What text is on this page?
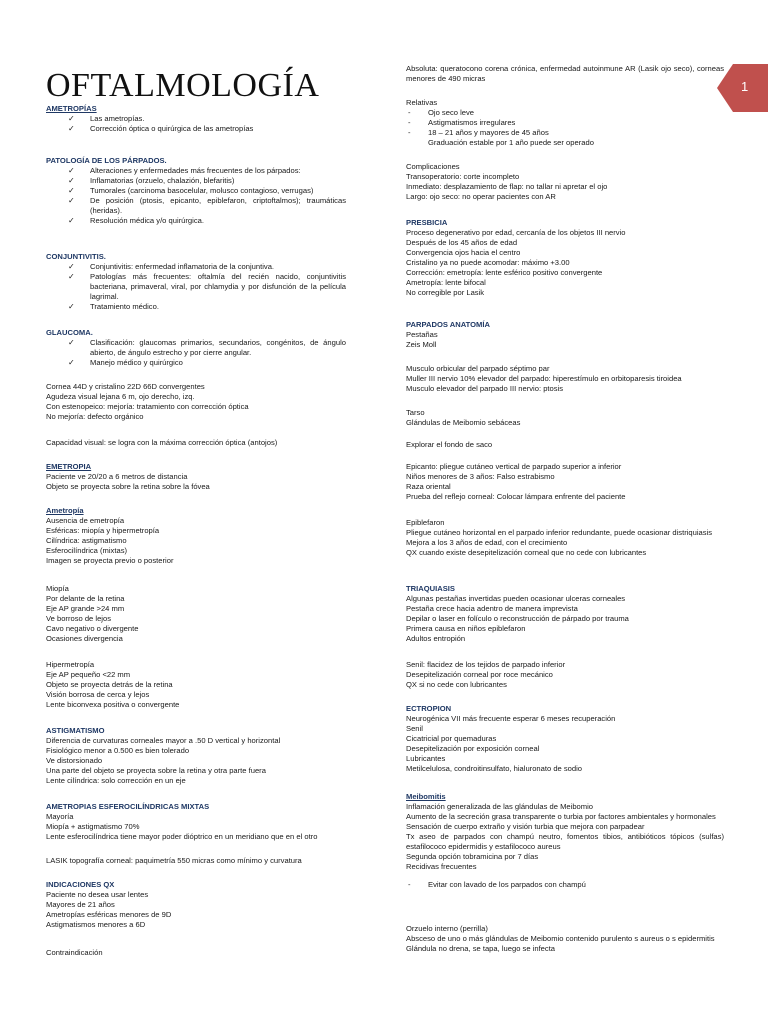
OFTALMOLOGÍA	1
AMETROPÍAS
✓ Las ametropías.
✓ Corrección óptica o quirúrgica de las ametropías
PATOLOGÍA DE LOS PÁRPADOS.
✓ Alteraciones y enfermedades más frecuentes de los párpados:
✓ Inflamatorias (orzuelo, chalazión, blefaritis)
✓ Tumorales (carcinoma basocelular, molusco contagioso, verrugas)
✓ De posición (ptosis, epicanto, epiblefaron, criptoftalmos); traumáticas (heridas).
✓ Resolución médica y/o quirúrgica.
CONJUNTIVITIS.
✓ Conjuntivitis: enfermedad inflamatoria de la conjuntiva.
✓ Patologías más frecuentes: oftalmía del recién nacido, conjuntivitis bacteriana, primaveral, viral, por chlamydia y por disfunción de la película lagrimal.
✓ Tratamiento médico.
GLAUCOMA.
✓ Clasificación: glaucomas primarios, secundarios, congénitos, de ángulo abierto, de ángulo estrecho y por cierre angular.
✓ Manejo médico y quirúrgico
Cornea 44D y cristalino 22D 66D convergentes
Agudeza visual lejana 6 m, ojo derecho, izq.
Con estenopeico: mejoría: tratamiento con corrección óptica
No mejoría: defecto orgánico
Capacidad visual: se logra con la máxima corrección óptica (antojos)
EMETROPIA
Paciente ve 20/20 a 6 metros de distancia
Objeto se proyecta sobre la retina sobre la fóvea
Ametropía
Ausencia de emetropía
Esféricas: miopía y hipermetropía
Cilíndrica: astigmatismo
Esferocilíndrica (mixtas)
Imagen se proyecta previo o posterior
Miopía
Por delante de la retina
Eje AP grande >24 mm
Ve borroso de lejos
Cavo negativo o divergente
Ocasiones divergencia
Hipermetropía
Eje AP pequeño <22 mm
Objeto se proyecta detrás de la retina
Visión borrosa de cerca y lejos
Lente biconvexa positiva o convergente
ASTIGMATISMO
Diferencia de curvaturas corneales mayor a .50 D vertical y horizontal
Fisiológico menor a 0.500 es bien tolerado
Ve distorsionado
Una parte del objeto se proyecta sobre la retina y otra parte fuera
Lente cilíndrica: solo corrección en un eje
AMETROPIAS ESFEROCILÍNDRICAS MIXTAS
Mayoría
Miopía + astigmatismo 70%
Lente esferocilíndrica tiene mayor poder dióptrico en un meridiano que en el otro
LASIK topografía corneal: paquimetría 550 micras como mínimo y curvatura
INDICACIONES QX
Paciente no desea usar lentes
Mayores de 21 años
Ametropías esféricas menores de 9D
Astigmatismos menores a 6D
Contraindicación
Absoluta: queratocono corena crónica, enfermedad autoinmune AR (Lasik ojo seco), corneas menores de 490 micras
Relativas
- Ojo seco leve
- Astigmatismos irregulares
- 18 – 21 años y mayores de 45 años
Graduación estable por 1 año puede ser operado
Complicaciones
Transoperatorio: corte incompleto
Inmediato: desplazamiento de flap: no tallar ni apretar el ojo
Largo: ojo seco: no operar pacientes con AR
PRESBICIA
Proceso degenerativo por edad, cercanía de los objetos III nervio
Después de los 45 años de edad
Convergencia ojos hacia el centro
Cristalino ya no puede acomodar: máximo +3.00
Corrección: emetropía: lente esférico positivo convergente
Ametropía: lente bifocal
No corregible por Lasik
PARPADOS ANATOMÍA
Pestañas
Zeis Moll
Musculo orbicular del parpado séptimo par
Muller III nervio 10% elevador del parpado: hiperestímulo en orbitoparesis tiroidea
Musculo elevador del parpado III nervio: ptosis
Tarso
Glándulas de Meibomio sebáceas
Explorar el fondo de saco
Epicanto: pliegue cutáneo vertical de parpado superior a inferior
Niños menores de 3 años: Falso estrabismo
Raza oriental
Prueba del reflejo corneal: Colocar lámpara enfrente del paciente
Epiblefaron
Pliegue cutáneo horizontal en el parpado inferior redundante, puede ocasionar distriquiasis
Mejora a los 3 años de edad, con el crecimiento
QX cuando existe desepitelización corneal que no cede con lubricantes
TRIAQUIASIS
Algunas pestañas invertidas pueden ocasionar ulceras corneales
Pestaña crece hacia adentro de manera imprevista
Depilar o laser en folículo o reconstrucción de párpado por trauma
Primera causa en niños epiblefaron
Adultos entropión
Senil: flacidez de los tejidos de parpado inferior
Desepitelización corneal por roce mecánico
QX si no cede con lubricantes
ECTROPION
Neurogénica VII más frecuente esperar 6 meses recuperación
Senil
Cicatricial por quemaduras
Desepitelización por exposición corneal
Lubricantes
Metilcelulosa, condroitinsulfato, hialuronato de sodio
Meibomitis
Inflamación generalizada de las glándulas de Meibomio
Aumento de la secreción grasa transparente o turbia por factores ambientales y hormonales
Sensación de cuerpo extraño y visión turbia que mejora con parpadear
Tx aseo de parpados con champú neutro, fomentos tibios, antibióticos tópicos (sulfas) estafilococo epidermidis y estafilococo aureus
Segunda opción tobramicina por 7 días
Recidivas frecuentes
- Evitar con lavado de los parpados con champú
Orzuelo interno (perrilla)
Absceso de uno o más glándulas de Meibomio contenido purulento s aureus o s epidermitis
Glándula no drena, se tapa, luego se infecta
